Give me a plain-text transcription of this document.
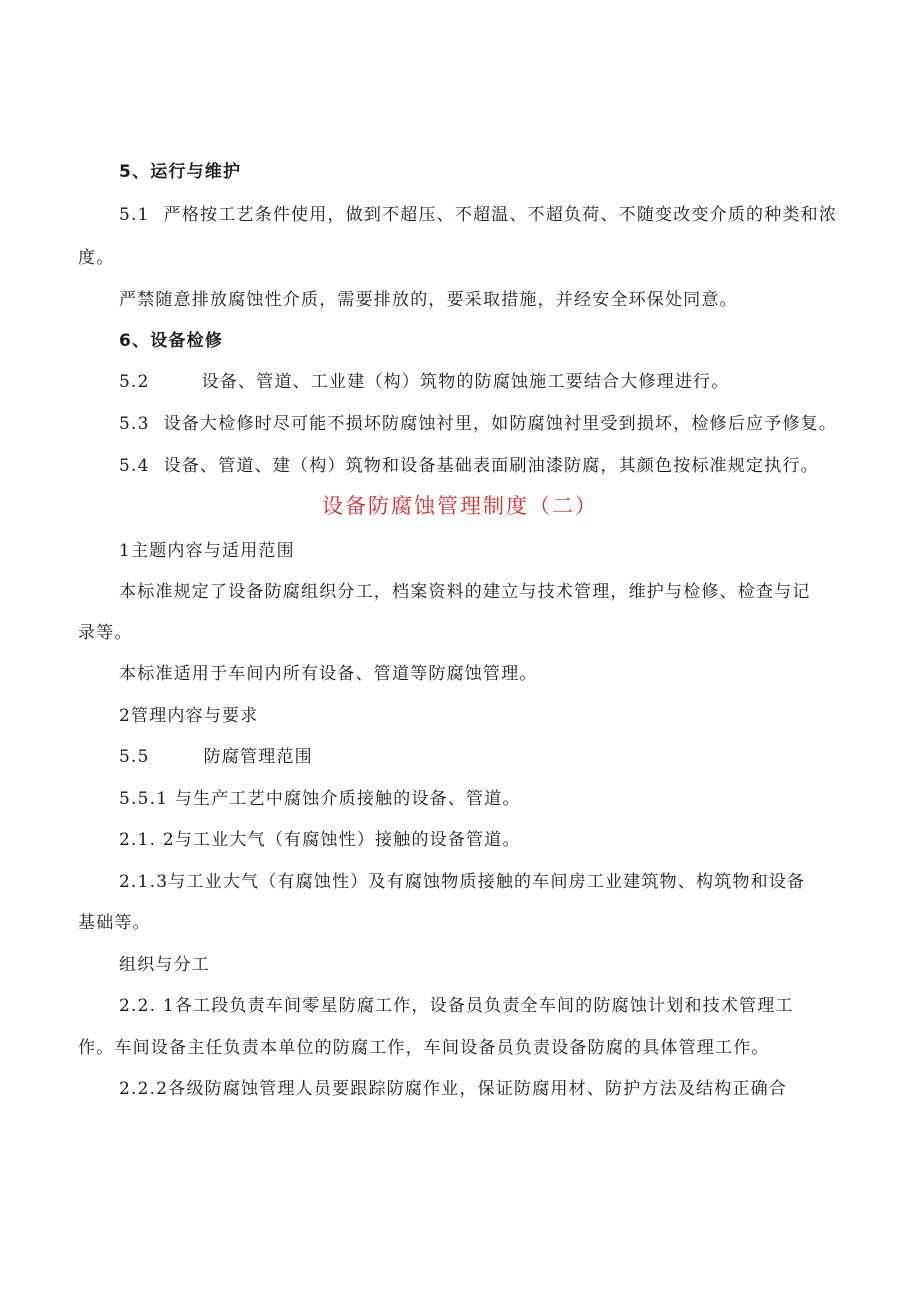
5、运行与维护
5.1 严格按工艺条件使用，做到不超压、不超温、不超负荷、不随变改变介质的种类和浓
度。
严禁随意排放腐蚀性介质，需要排放的，要采取措施，并经安全环保处同意。
6、设备检修
5.2	设备、管道、工业建（构）筑物的防腐蚀施工要结合大修理进行。
5.3 设备大检修时尽可能不损坏防腐蚀衬里，如防腐蚀衬里受到损坏，检修后应予修复。
5.4 设备、管道、建（构）筑物和设备基础表面刷油漆防腐，其颜色按标准规定执行。
设备防腐蚀管理制度（二）
1主题内容与适用范围
本标准规定了设备防腐组织分工，档案资料的建立与技术管理，维护与检修、检查与记
录等。
本标准适用于车间内所有设备、管道等防腐蚀管理。
2管理内容与要求
5.5	防腐管理范围
5.5.1 与生产工艺中腐蚀介质接触的设备、管道。
2.1. 2与工业大气（有腐蚀性）接触的设备管道。
2.1.3与工业大气（有腐蚀性）及有腐蚀物质接触的车间房工业建筑物、构筑物和设备
基础等。
组织与分工
2.2. 1各工段负责车间零星防腐工作，设备员负责全车间的防腐蚀计划和技术管理工
作。车间设备主任负责本单位的防腐工作，车间设备员负责设备防腐的具体管理工作。
2.2.2各级防腐蚀管理人员要跟踪防腐作业，保证防腐用材、防护方法及结构正确合
